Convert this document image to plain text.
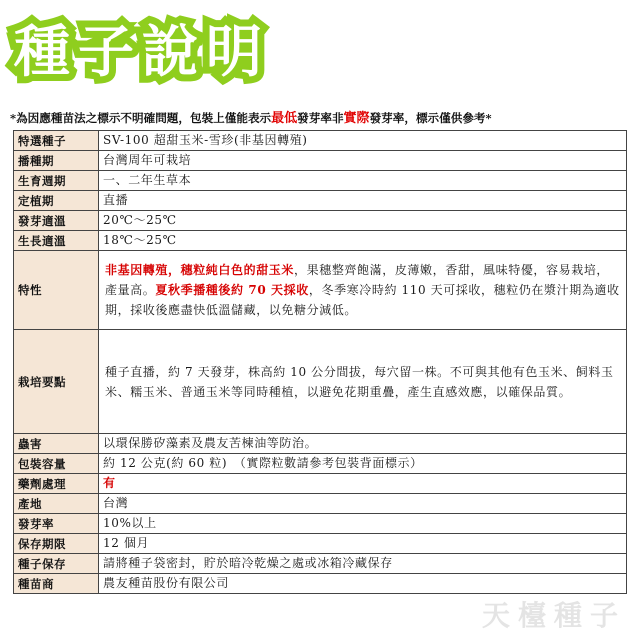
種子說明
*為因應種苗法之標示不明確問題，包裝上僅能表示最低發芽率非實際發芽率，標示僅供參考*
特選種子	SV-100 超甜玉米-雪珍(非基因轉殖)
播種期	台灣周年可栽培
生育週期	一、二年生草本
定植期	直播
發芽適溫	20℃～25℃
生長適溫	18℃～25℃
特性	非基因轉殖，穗粒純白色的甜玉米，果穗整齊飽滿，皮薄嫩，香甜，風味特優，容易栽培，產量高。夏秋季播種後約 70 天採收，冬季寒冷時約 110 天可採收，穗粒仍在漿汁期為適收期，採收後應盡快低溫儲藏，以免糖分減低。
栽培要點	種子直播，約 7 天發芽，株高約 10 公分間拔，每穴留一株。不可與其他有色玉米、飼料玉米、糯玉米、普通玉米等同時種植，以避免花期重疊，產生直感效應，以確保品質。
蟲害	以環保勝矽藻素及農友苦楝油等防治。
包裝容量	約 12 公克(約 60 粒)　（實際粒數請參考包裝背面標示）
藥劑處理	有
產地	台灣
發芽率	10%以上
保存期限	12 個月
種子保存	請將種子袋密封，貯於暗冷乾燥之處或冰箱冷藏保存
種苗商	農友種苗股份有限公司
天檯種子
